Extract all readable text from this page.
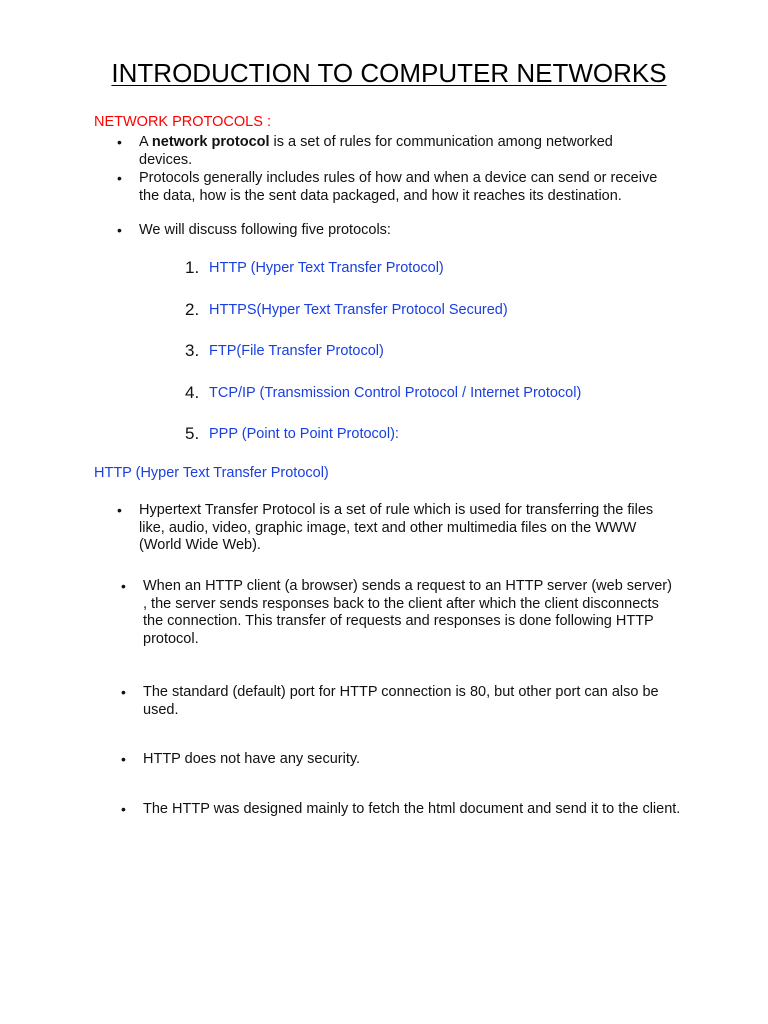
INTRODUCTION TO COMPUTER NETWORKS
NETWORK PROTOCOLS :
• A network protocol is a set of rules for communication among networked devices.
• Protocols generally includes rules of how and when a device can send or receive the data, how is the sent data packaged, and how it reaches its destination.
• We will discuss following five protocols:
1. HTTP (Hyper Text Transfer Protocol)
2. HTTPS(Hyper Text Transfer Protocol Secured)
3. FTP(File Transfer Protocol)
4. TCP/IP (Transmission Control Protocol / Internet Protocol)
5. PPP (Point to Point Protocol):
HTTP (Hyper Text Transfer Protocol)
• Hypertext Transfer Protocol is a set of rule which is used for transferring the files like, audio, video, graphic image, text and other multimedia files on the WWW (World Wide Web).
• When an HTTP client (a browser) sends a request to an HTTP server (web server) , the server sends responses back to the client after which the client disconnects the connection. This transfer of requests and responses is done following HTTP protocol.
• The standard (default) port for HTTP connection is 80, but other port can also be used.
• HTTP does not have any security.
• The HTTP was designed mainly to fetch the html document and send it to the client.
